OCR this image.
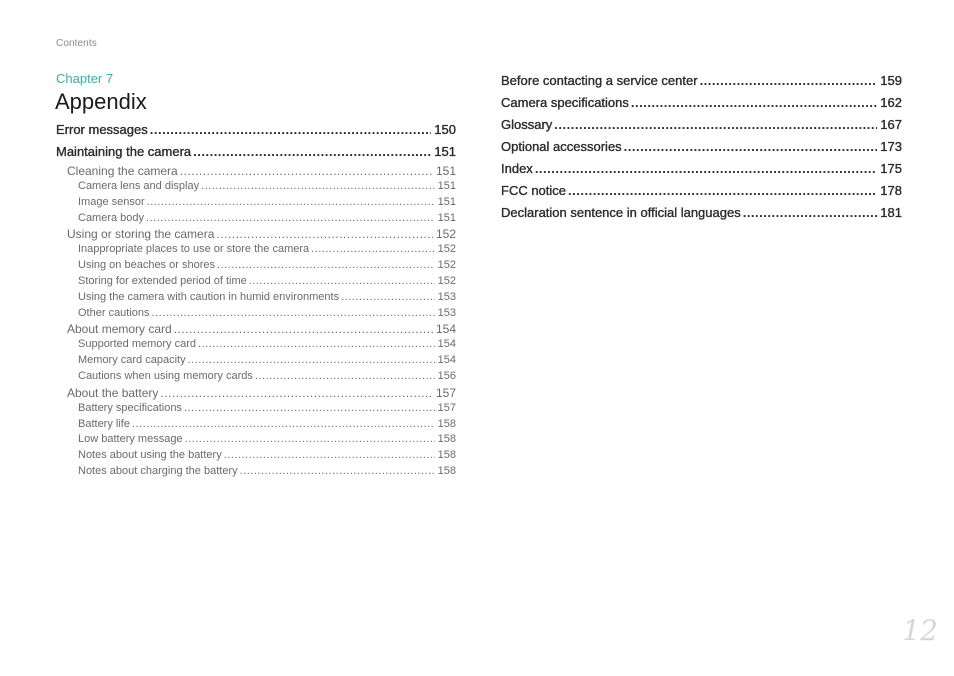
Contents
Chapter 7
Appendix
Error messages .....	150
Maintaining the camera .....	151
Cleaning the camera .....	151
Camera lens and display .....	151
Image sensor .....	151
Camera body .....	151
Using or storing the camera .....	152
Inappropriate places to use or store the camera .....	152
Using on beaches or shores .....	152
Storing for extended period of time .....	152
Using the camera with caution in humid environments .....	153
Other cautions .....	153
About memory card .....	154
Supported memory card .....	154
Memory card capacity .....	154
Cautions when using memory cards .....	156
About the battery .....	157
Battery specifications .....	157
Battery life .....	158
Low battery message .....	158
Notes about using the battery .....	158
Notes about charging the battery .....	158
Before contacting a service center .....	159
Camera specifications .....	162
Glossary .....	167
Optional accessories .....	173
Index .....	175
FCC notice .....	178
Declaration sentence in official languages .....	181
12
